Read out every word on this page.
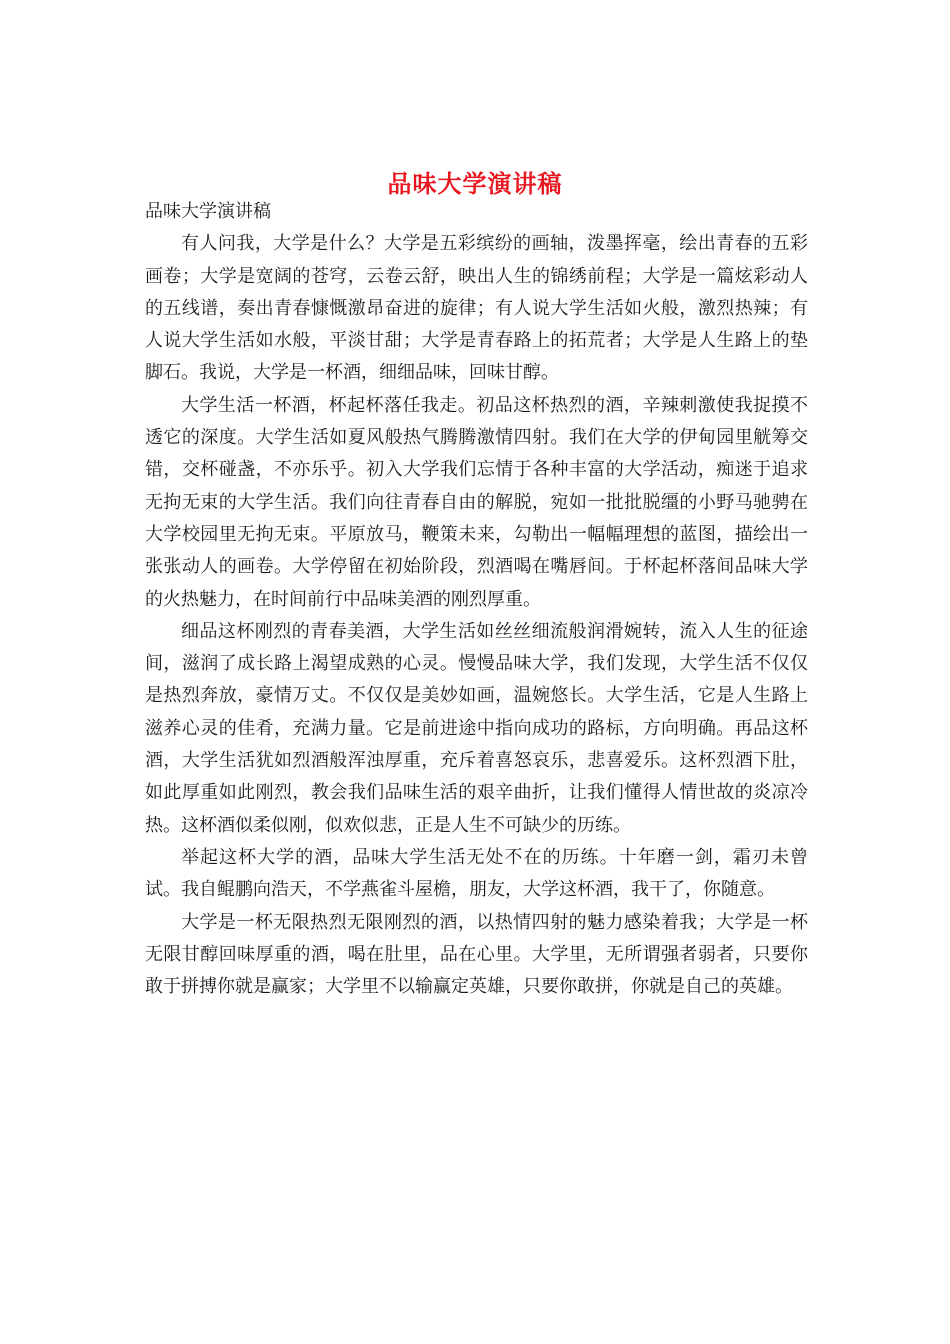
品味大学演讲稿

品味大学演讲稿

有人问我，大学是什么？大学是五彩缤纷的画轴，泼墨挥毫，绘出青春的五彩画卷；大学是宽阔的苍穹，云卷云舒，映出人生的锦绣前程；大学是一篇炫彩动人的五线谱，奏出青春慷慨激昂奋进的旋律；有人说大学生活如火般，激烈热辣；有人说大学生活如水般，平淡甘甜；大学是青春路上的拓荒者；大学是人生路上的垫脚石。我说，大学是一杯酒，细细品味，回味甘醇。

大学生活一杯酒，杯起杯落任我走。初品这杯热烈的酒，辛辣刺激使我捉摸不透它的深度。大学生活如夏风般热气腾腾激情四射。我们在大学的伊甸园里觥筹交错，交杯碰盏，不亦乐乎。初入大学我们忘情于各种丰富的大学活动，痴迷于追求无拘无束的大学生活。我们向往青春自由的解脱，宛如一批批脱缰的小野马驰骋在大学校园里无拘无束。平原放马，鞭策未来，勾勒出一幅幅理想的蓝图，描绘出一张张动人的画卷。大学停留在初始阶段，烈酒喝在嘴唇间。于杯起杯落间品味大学的火热魅力，在时间前行中品味美酒的刚烈厚重。

细品这杯刚烈的青春美酒，大学生活如丝丝细流般润滑婉转，流入人生的征途间，滋润了成长路上渴望成熟的心灵。慢慢品味大学，我们发现，大学生活不仅仅是热烈奔放，豪情万丈。不仅仅是美妙如画，温婉悠长。大学生活，它是人生路上滋养心灵的佳肴，充满力量。它是前进途中指向成功的路标，方向明确。再品这杯酒，大学生活犹如烈酒般浑浊厚重，充斥着喜怒哀乐，悲喜爱乐。这杯烈酒下肚，如此厚重如此刚烈，教会我们品味生活的艰辛曲折，让我们懂得人情世故的炎凉冷热。这杯酒似柔似刚，似欢似悲，正是人生不可缺少的历练。

举起这杯大学的酒，品味大学生活无处不在的历练。十年磨一剑，霜刃未曾试。我自鲲鹏向浩天，不学燕雀斗屋檐，朋友，大学这杯酒，我干了，你随意。

大学是一杯无限热烈无限刚烈的酒，以热情四射的魅力感染着我；大学是一杯无限甘醇回味厚重的酒，喝在肚里，品在心里。大学里，无所谓强者弱者，只要你敢于拼搏你就是赢家；大学里不以输赢定英雄，只要你敢拼，你就是自己的英雄。
